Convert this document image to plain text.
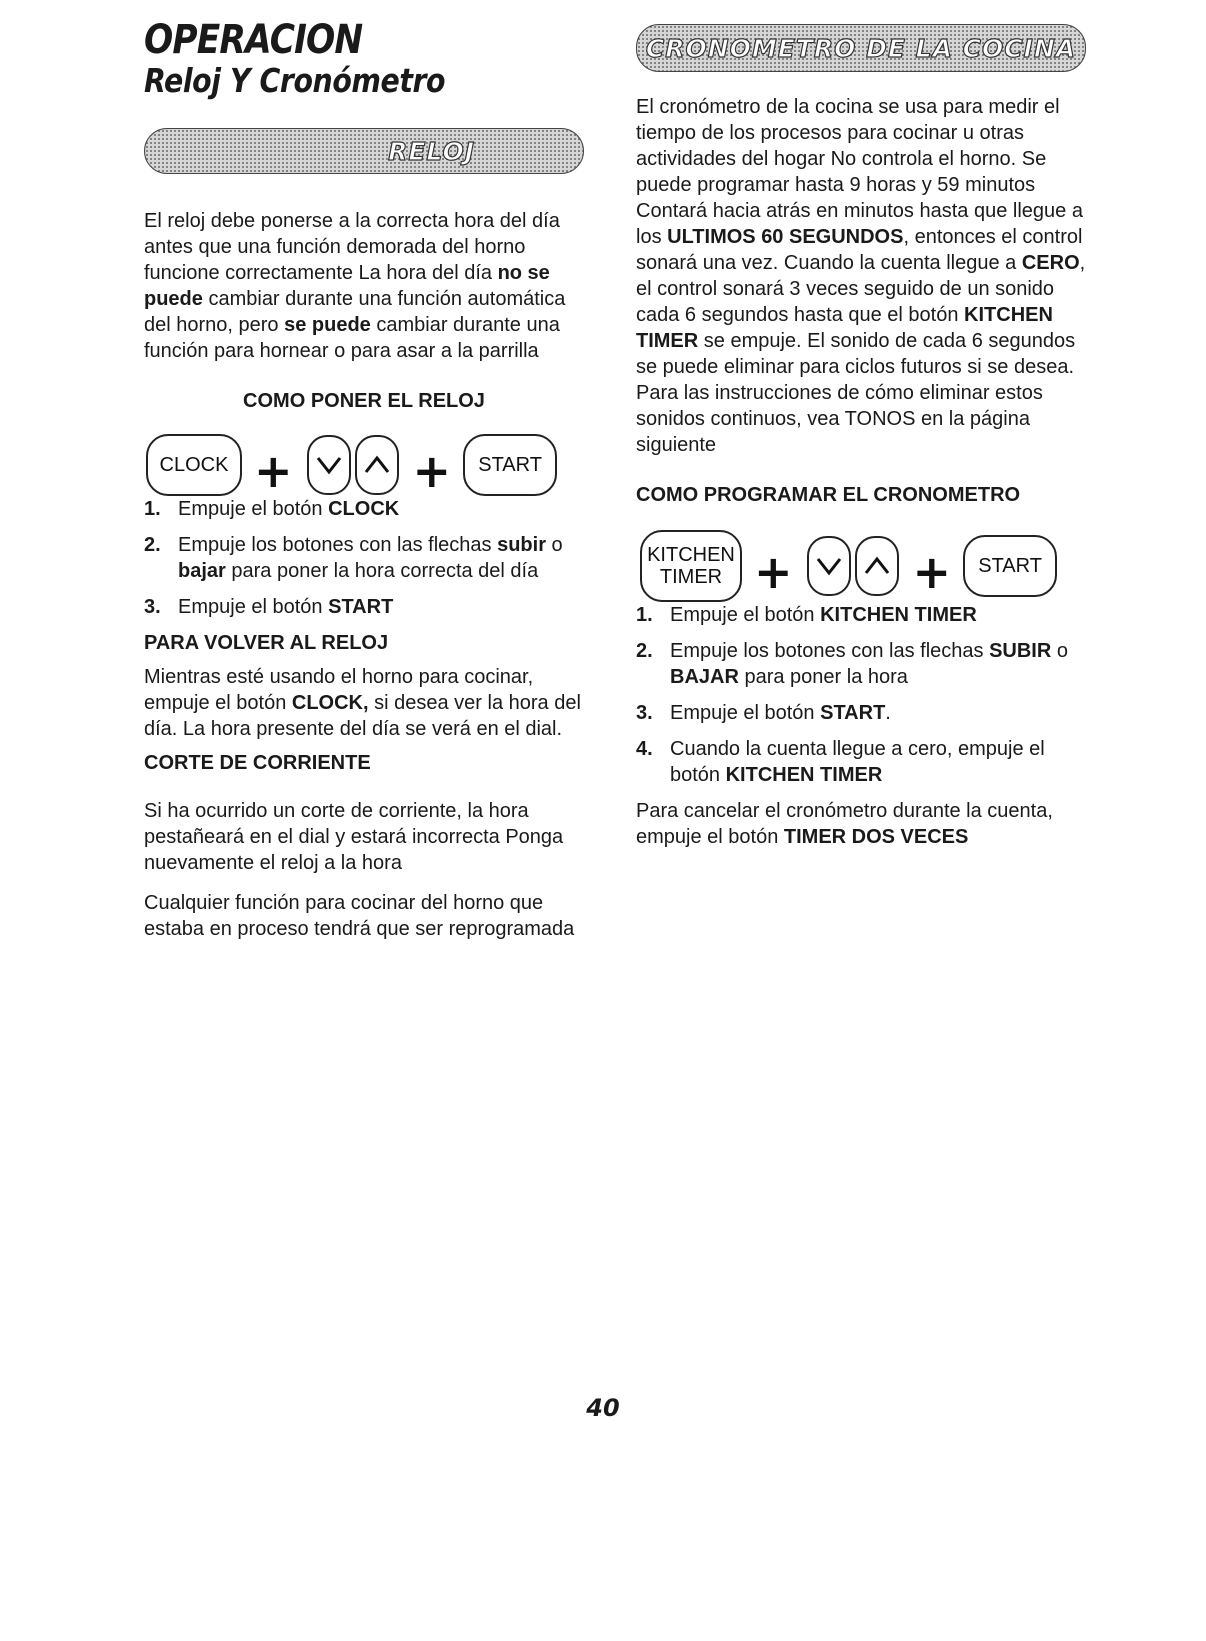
OPERACION
Reloj Y Cronómetro
RELOJ

El reloj debe ponerse a la correcta hora del día antes que una función demorada del horno funcione correctamente La hora del día no se puede cambiar durante una función automática del horno, pero se puede cambiar durante una función para hornear o para asar a la parrilla

COMO PONER EL RELOJ

CLOCK +	+ START
1. Empuje el botón CLOCK
2. Empuje los botones con las flechas subir o bajar para poner la hora correcta del día
3. Empuje el botón START

PARA VOLVER AL RELOJ

Mientras esté usando el horno para cocinar, empuje el botón CLOCK, si desea ver la hora del día. La hora presente del día se verá en el dial.

CORTE DE CORRIENTE

Si ha ocurrido un corte de corriente, la hora pestañeará en el dial y estará incorrecta Ponga nuevamente el reloj a la hora

Cualquier función para cocinar del horno que estaba en proceso tendrá que ser reprogramada

CRONOMETRO DE LA COCINA

El cronómetro de la cocina se usa para medir el tiempo de los procesos para cocinar u otras actividades del hogar No controla el horno. Se puede programar hasta 9 horas y 59 minutos Contará hacia atrás en minutos hasta que llegue a los ULTIMOS 60 SEGUNDOS, entonces el control sonará una vez. Cuando la cuenta llegue a CERO, el control sonará 3 veces seguido de un sonido cada 6 segundos hasta que el botón KITCHEN TIMER se empuje. El sonido de cada 6 segundos se puede eliminar para ciclos futuros si se desea. Para las instrucciones de cómo eliminar estos sonidos continuos, vea TONOS en la página siguiente

COMO PROGRAMAR EL CRONOMETRO

KITCHEN
TIMER +	+ START
1. Empuje el botón KITCHEN TIMER
2. Empuje los botones con las flechas SUBIR o BAJAR para poner la hora
3. Empuje el botón START.
4. Cuando la cuenta llegue a cero, empuje el botón KITCHEN TIMER

Para cancelar el cronómetro durante la cuenta, empuje el botón TIMER DOS VECES

40
